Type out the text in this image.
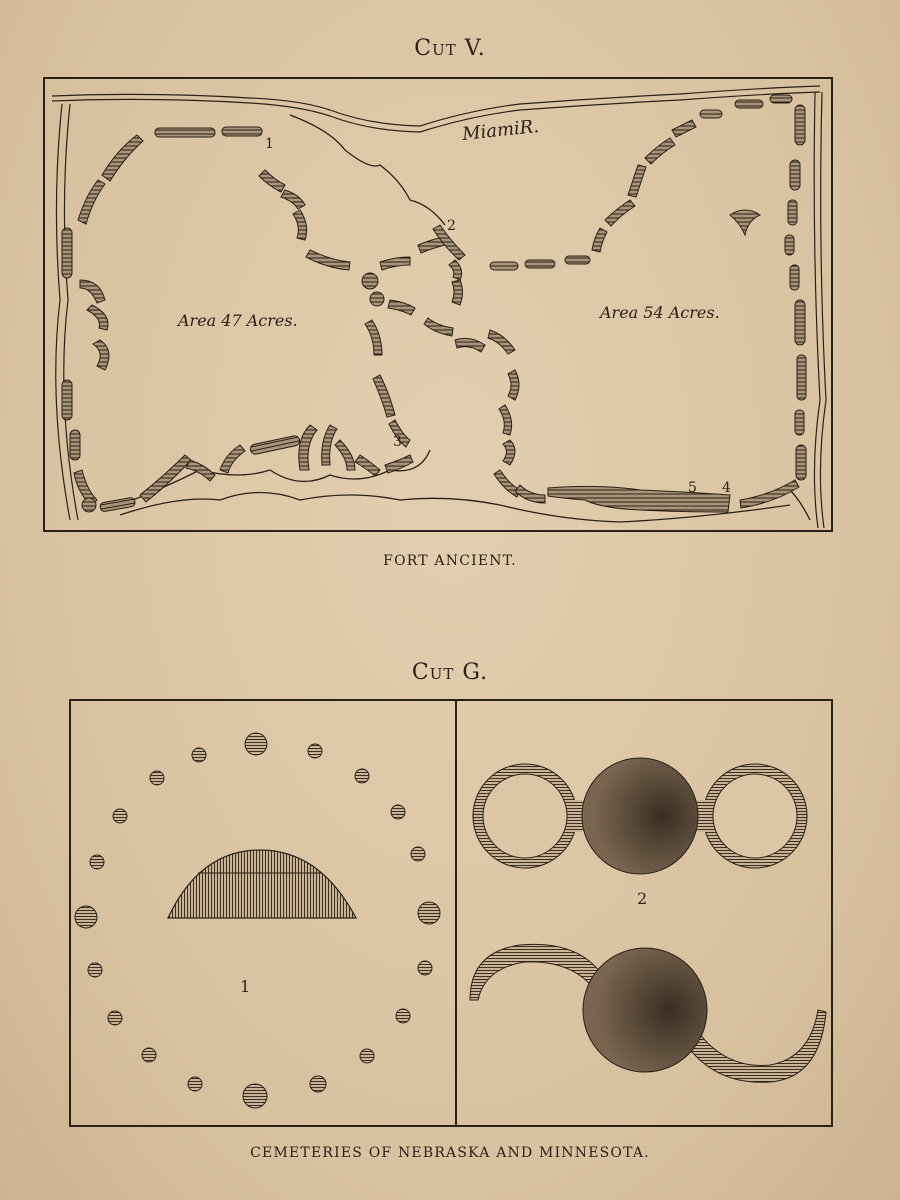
Cut V.
MiamiR.
Area 47 Acres.	Area 54 Acres.
1
2
3
5 4
FORT ANCIENT.
Cut G.
1
2
CEMETERIES OF NEBRASKA AND MINNESOTA.
